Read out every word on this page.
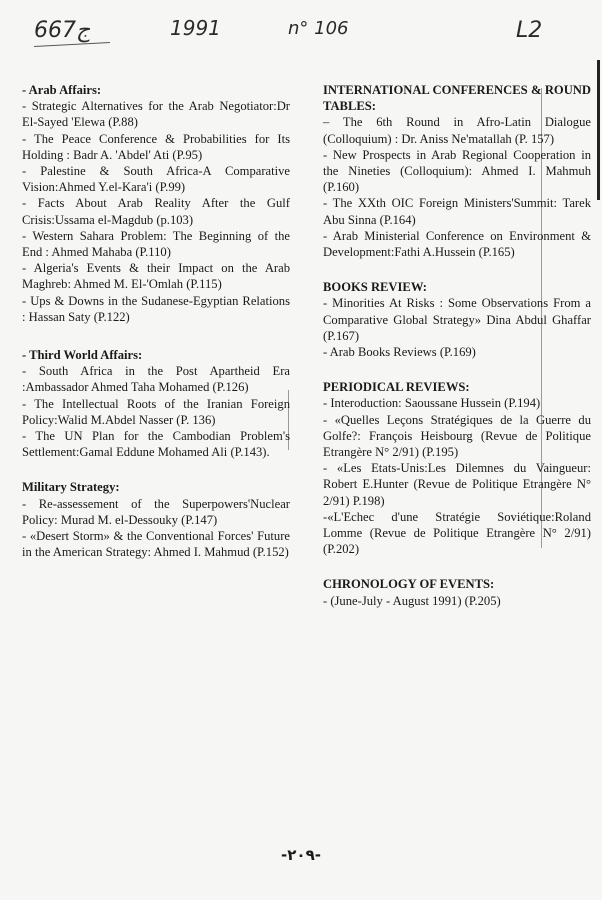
ج667	1991	n° 106	L2

- Arab Affairs:

- Strategic Alternatives for the Arab Negotiator:Dr El-Sayed 'Elewa (P.88)

- The Peace Conference & Probabilities for Its Holding : Badr A. 'Abdel' Ati (P.95)

- Palestine & South Africa-A Comparative Vision:Ahmed Y.el-Kara'i (P.99)

- Facts About Arab Reality After the Gulf Crisis:Ussama el-Magdub (p.103)

- Western Sahara Problem: The Beginning of the End : Ahmed Mahaba (P.110)

- Algeria's Events & their Impact on the Arab Maghreb: Ahmed M. El-'Omlah (P.115)

- Ups & Downs in the Sudanese-Egyptian Relations : Hassan Saty (P.122)

- Third World Affairs:

- South Africa in the Post Apartheid Era :Ambassador Ahmed Taha Mohamed (P.126)

- The Intellectual Roots of the Iranian Foreign Policy:Walid M.Abdel Nasser (P. 136)

- The UN Plan for the Cambodian Problem's Settlement:Gamal Eddune Mohamed Ali (P.143).

Military Strategy:

- Re-assessement of the Superpowers'Nuclear Policy: Murad M. el-Dessouky (P.147)

- «Desert Storm» & the Conventional Forces' Future in the American Strategy: Ahmed I. Mahmud (P.152)

INTERNATIONAL CONFERENCES & ROUND TABLES:

– The 6th Round in Afro-Latin Dialogue (Colloquium) : Dr. Aniss Ne'matallah (P. 157)

- New Prospects in Arab Regional Cooperation in the Nineties (Colloquium): Ahmed I. Mahmuh (P.160)

- The XXth OIC Foreign Ministers'Summit: Tarek Abu Sinna (P.164)

- Arab Ministerial Conference on Environment & Development:Fathi A.Hussein (P.165)

BOOKS REVIEW:

- Minorities At Risks : Some Observations From a Comparative Global Strategy» Dina Abdul Ghaffar (P.167)

- Arab Books Reviews (P.169)

PERIODICAL REVIEWS:

- Interoduction: Saoussane Hussein (P.194)

- «Quelles Leçons Stratégiques de la Guerre du Golfe?: François Heisbourg (Revue de Politique Etrangère N° 2/91) (P.195)

- «Les Etats-Unis:Les Dilemnes du Vaingueur: Robert E.Hunter (Revue de Politique Etrangère N° 2/91) P.198)

-«L'Echec d'une Stratégie Soviétique:Roland Lomme (Revue de Politique Etrangère N° 2/91) (P.202)

CHRONOLOGY OF EVENTS:

- (June-July - August 1991) (P.205)

-٢٠٩-
